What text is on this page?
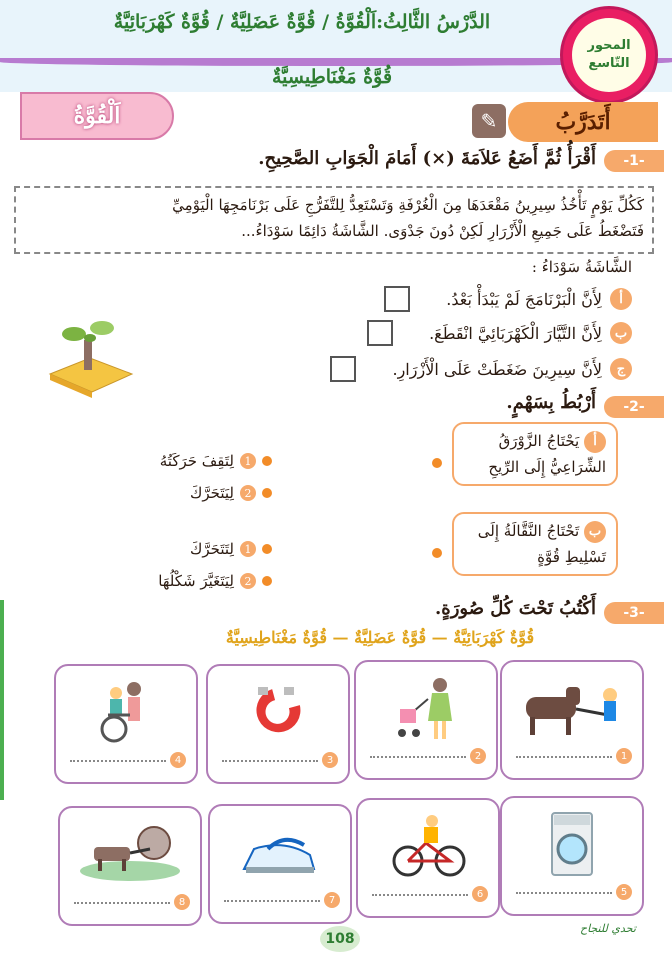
الدَّرْسُ الثَّالِثُ:اَلْقُوَّةُ / قُوَّةٌ عَضَلِيَّةٌ / قُوَّةٌ كَهْرَبَائِيَّةٌ
قُوَّةٌ مَغْنَاطِيسِيَّةٌ
المحور
التّاسع
اَلْقُوَّةُ	أَتَدَرَّبُ
✎
-1-
أَقْرَأُ ثُمَّ أَضَعُ عَلاَمَةَ (×) أَمَامَ الْجَوَابِ الصَّحِيحِ.
كَكُلِّ يَوْمٍ تَأْخُذُ سِيرِينُ مَقْعَدَهَا مِنَ الْغُرْفَةِ وَتَسْتَعِدُّ لِلتَّفَرُّجِ عَلَى بَرْنَامَجِهَا الْيَوْمِيِّ
فَتَضْغَطُ عَلَى جَمِيعِ الْأَزْرَارِ لَكِنْ دُونَ جَدْوَى. الشَّاشَةُ دَائِمًا سَوْدَاءُ...
الشَّاشَةُ سَوْدَاءُ :
أ
لِأَنَّ الْبَرْنَامَجَ لَمْ يَبْدَأْ بَعْدُ.
ب
لِأَنَّ التَّيَّارَ الْكَهْرَبَائِيَّ انْقَطَعَ.
ج
لِأَنَّ سِيرِينَ ضَغَطَتْ عَلَى الْأَزْرَارِ.
-2-
أَرْبُطُ بِسَهْمٍ.
أ يَحْتَاجُ الزَّوْرَقُ
الشِّرَاعِيُّ إِلَى الرِّيحِ
ب تَحْتَاجُ النَّقَّالَةُ إِلَى
تَسْلِيطِ قُوَّةٍ
1
لِتَقِفَ حَرَكَتُهُ
2
لِيَتَحَرَّكَ
1
لِتَتَحَرَّكَ
2
لِيَتَغَيَّرَ شَكْلُهَا
-3-
أَكْتُبُ تَحْتَ كُلِّ صُورَةٍ.
قُوَّةٌ كَهْرَبَائِيَّةٌ — قُوَّةٌ عَضَلِيَّةٌ — قُوَّةٌ مَغْنَاطِيسِيَّةٌ
1
2
3
4
5
6
7
8
108
تحدي للنجاح
